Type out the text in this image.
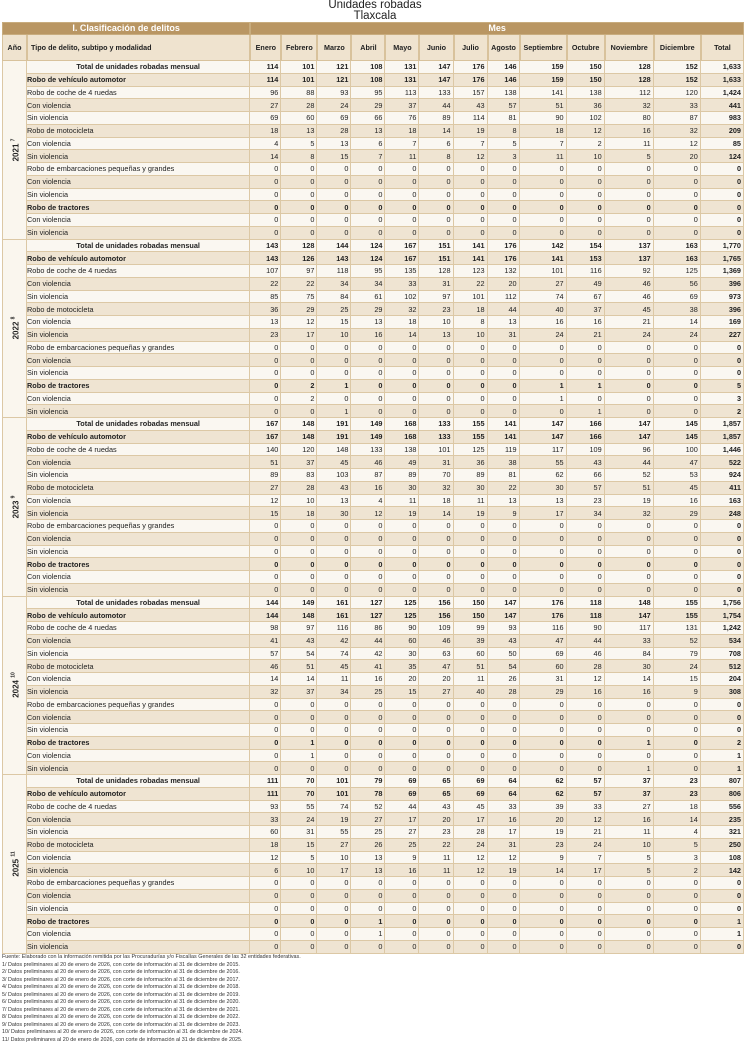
Unidades robadas
Tlaxcala
I. Clasificación de delitos		Mes												
Año	Tipo de delito, subtipo y modalidad	Enero	Febrero	Marzo	Abril	Mayo	Junio	Julio	Agosto	Septiembre	Octubre	Noviembre	Diciembre	Total

2021 $^7$	Total de unidades robadas mensual	114	101	121	108	131	147	176	146	159	150	128	152	1,633
	Robo de vehículo automotor	114	101	121	108	131	147	176	146	159	150	128	152	1,633
	Robo de coche de 4 ruedas	96	88	93	95	113	133	157	138	141	138	112	120	1,424
	Con violencia	27	28	24	29	37	44	43	57	51	36	32	33	441
	Sin violencia	69	60	69	66	76	89	114	81	90	102	80	87	983
	Robo de motocicleta	18	13	28	13	18	14	19	8	18	12	16	32	209
	Con violencia	4	5	13	6	7	6	7	5	7	2	11	12	85
	Sin violencia	14	8	15	7	11	8	12	3	11	10	5	20	124
	Robo de embarcaciones pequeñas y grandes	0	0	0	0	0	0	0	0	0	0	0	0	0
	Con violencia	0	0	0	0	0	0	0	0	0	0	0	0	0
	Sin violencia	0	0	0	0	0	0	0	0	0	0	0	0	0
	Robo de tractores	0	0	0	0	0	0	0	0	0	0	0	0	0
	Con violencia	0	0	0	0	0	0	0	0	0	0	0	0	0
	Sin violencia	0	0	0	0	0	0	0	0	0	0	0	0	0

2022 $^8$	Total de unidades robadas mensual	143	128	144	124	167	151	141	176	142	154	137	163	1,770
	Robo de vehículo automotor	143	126	143	124	167	151	141	176	141	153	137	163	1,765
	Robo de coche de 4 ruedas	107	97	118	95	135	128	123	132	101	116	92	125	1,369
	Con violencia	22	22	34	34	33	31	22	20	27	49	46	56	396
	Sin violencia	85	75	84	61	102	97	101	112	74	67	46	69	973
	Robo de motocicleta	36	29	25	29	32	23	18	44	40	37	45	38	396
	Con violencia	13	12	15	13	18	10	8	13	16	16	21	14	169
	Sin violencia	23	17	10	16	14	13	10	31	24	21	24	24	227
	Robo de embarcaciones pequeñas y grandes	0	0	0	0	0	0	0	0	0	0	0	0	0
	Con violencia	0	0	0	0	0	0	0	0	0	0	0	0	0
	Sin violencia	0	0	0	0	0	0	0	0	0	0	0	0	0
	Robo de tractores	0	2	1	0	0	0	0	0	1	1	0	0	5
	Con violencia	0	2	0	0	0	0	0	0	1	0	0	0	3
	Sin violencia	0	0	1	0	0	0	0	0	0	1	0	0	2

2023 $^9$	Total de unidades robadas mensual	167	148	191	149	168	133	155	141	147	166	147	145	1,857
	Robo de vehículo automotor	167	148	191	149	168	133	155	141	147	166	147	145	1,857
	Robo de coche de 4 ruedas	140	120	148	133	138	101	125	119	117	109	96	100	1,446
	Con violencia	51	37	45	46	49	31	36	38	55	43	44	47	522
	Sin violencia	89	83	103	87	89	70	89	81	62	66	52	53	924
	Robo de motocicleta	27	28	43	16	30	32	30	22	30	57	51	45	411
	Con violencia	12	10	13	4	11	18	11	13	13	23	19	16	163
	Sin violencia	15	18	30	12	19	14	19	9	17	34	32	29	248
	Robo de embarcaciones pequeñas y grandes	0	0	0	0	0	0	0	0	0	0	0	0	0
	Con violencia	0	0	0	0	0	0	0	0	0	0	0	0	0
	Sin violencia	0	0	0	0	0	0	0	0	0	0	0	0	0
	Robo de tractores	0	0	0	0	0	0	0	0	0	0	0	0	0
	Con violencia	0	0	0	0	0	0	0	0	0	0	0	0	0
	Sin violencia	0	0	0	0	0	0	0	0	0	0	0	0	0

2024 $^{10}$	Total de unidades robadas mensual	144	149	161	127	125	156	150	147	176	118	148	155	1,756
	Robo de vehículo automotor	144	148	161	127	125	156	150	147	176	118	147	155	1,754
	Robo de coche de 4 ruedas	98	97	116	86	90	109	99	93	116	90	117	131	1,242
	Con violencia	41	43	42	44	60	46	39	43	47	44	33	52	534
	Sin violencia	57	54	74	42	30	63	60	50	69	46	84	79	708
	Robo de motocicleta	46	51	45	41	35	47	51	54	60	28	30	24	512
	Con violencia	14	14	11	16	20	20	11	26	31	12	14	15	204
	Sin violencia	32	37	34	25	15	27	40	28	29	16	16	9	308
	Robo de embarcaciones pequeñas y grandes	0	0	0	0	0	0	0	0	0	0	0	0	0
	Con violencia	0	0	0	0	0	0	0	0	0	0	0	0	0
	Sin violencia	0	0	0	0	0	0	0	0	0	0	0	0	0
	Robo de tractores	0	1	0	0	0	0	0	0	0	0	1	0	2
	Con violencia	0	1	0	0	0	0	0	0	0	0	0	0	1
	Sin violencia	0	0	0	0	0	0	0	0	0	0	1	0	1

2025 $^{11}$	Total de unidades robadas mensual	111	70	101	79	69	65	69	64	62	57	37	23	807
	Robo de vehículo automotor	111	70	101	78	69	65	69	64	62	57	37	23	806
	Robo de coche de 4 ruedas	93	55	74	52	44	43	45	33	39	33	27	18	556
	Con violencia	33	24	19	27	17	20	17	16	20	12	16	14	235
	Sin violencia	60	31	55	25	27	23	28	17	19	21	11	4	321
	Robo de motocicleta	18	15	27	26	25	22	24	31	23	24	10	5	250
	Con violencia	12	5	10	13	9	11	12	12	9	7	5	3	108
	Sin violencia	6	10	17	13	16	11	12	19	14	17	5	2	142
	Robo de embarcaciones pequeñas y grandes	0	0	0	0	0	0	0	0	0	0	0	0	0
	Con violencia	0	0	0	0	0	0	0	0	0	0	0	0	0
	Sin violencia	0	0	0	0	0	0	0	0	0	0	0	0	0
	Robo de tractores	0	0	0	1	0	0	0	0	0	0	0	0	1
	Con violencia	0	0	0	1	0	0	0	0	0	0	0	0	1
	Sin violencia	0	0	0	0	0	0	0	0	0	0	0	0	0
Fuente: Elaborado con la información remitida por las Procuradurías y/o Fiscalías Generales de las 32 entidades federativas.
1/ Datos preliminares al 20 de enero de 2026, con corte de información al 31 de diciembre de 2015.
2/ Datos preliminares al 20 de enero de 2026, con corte de información al 31 de diciembre de 2016.
3/ Datos preliminares al 20 de enero de 2026, con corte de información al 31 de diciembre de 2017.
4/ Datos preliminares al 20 de enero de 2026, con corte de información al 31 de diciembre de 2018.
5/ Datos preliminares al 20 de enero de 2026, con corte de información al 31 de diciembre de 2019.
6/ Datos preliminares al 20 de enero de 2026, con corte de información al 31 de diciembre de 2020.
7/ Datos preliminares al 20 de enero de 2026, con corte de información al 31 de diciembre de 2021.
8/ Datos preliminares al 20 de enero de 2026, con corte de información al 31 de diciembre de 2022.
9/ Datos preliminares al 20 de enero de 2026, con corte de información al 31 de diciembre de 2023.
10/ Datos preliminares al 20 de enero de 2026, con corte de información al 31 de diciembre de 2024.
11/ Datos preliminares al 20 de enero de 2026, con corte de información al 31 de diciembre de 2025.
